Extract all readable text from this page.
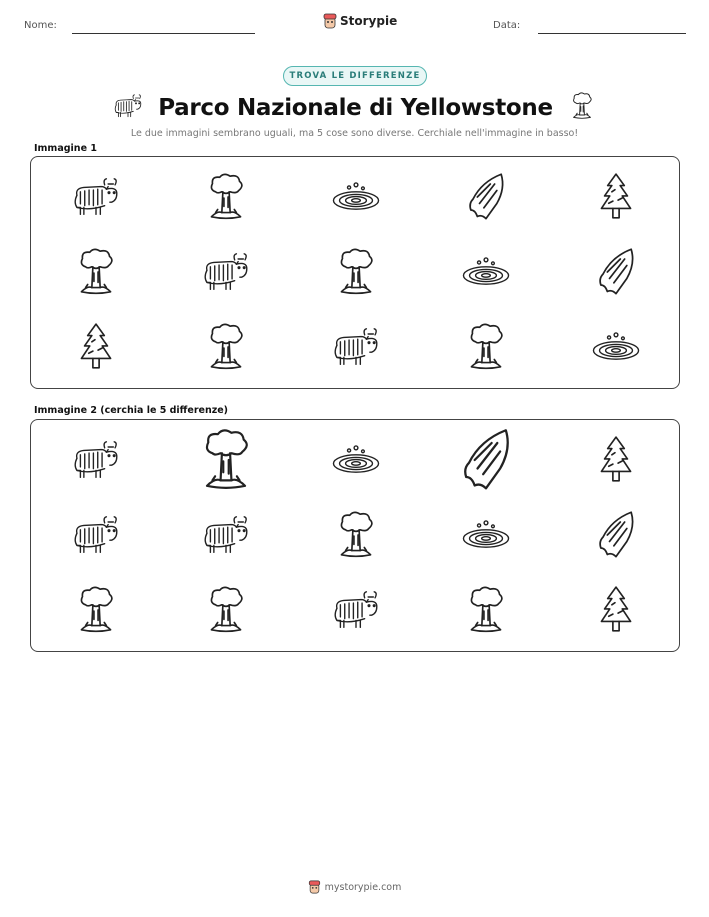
Nome:	Storypie	Data:
TROVA LE DIFFERENZE
Parco Nazionale di Yellowstone
Le due immagini sembrano uguali, ma 5 cose sono diverse. Cerchiale nell'immagine in basso!
Immagine 1
Immagine 2 (cerchia le 5 differenze)
mystorypie.com
